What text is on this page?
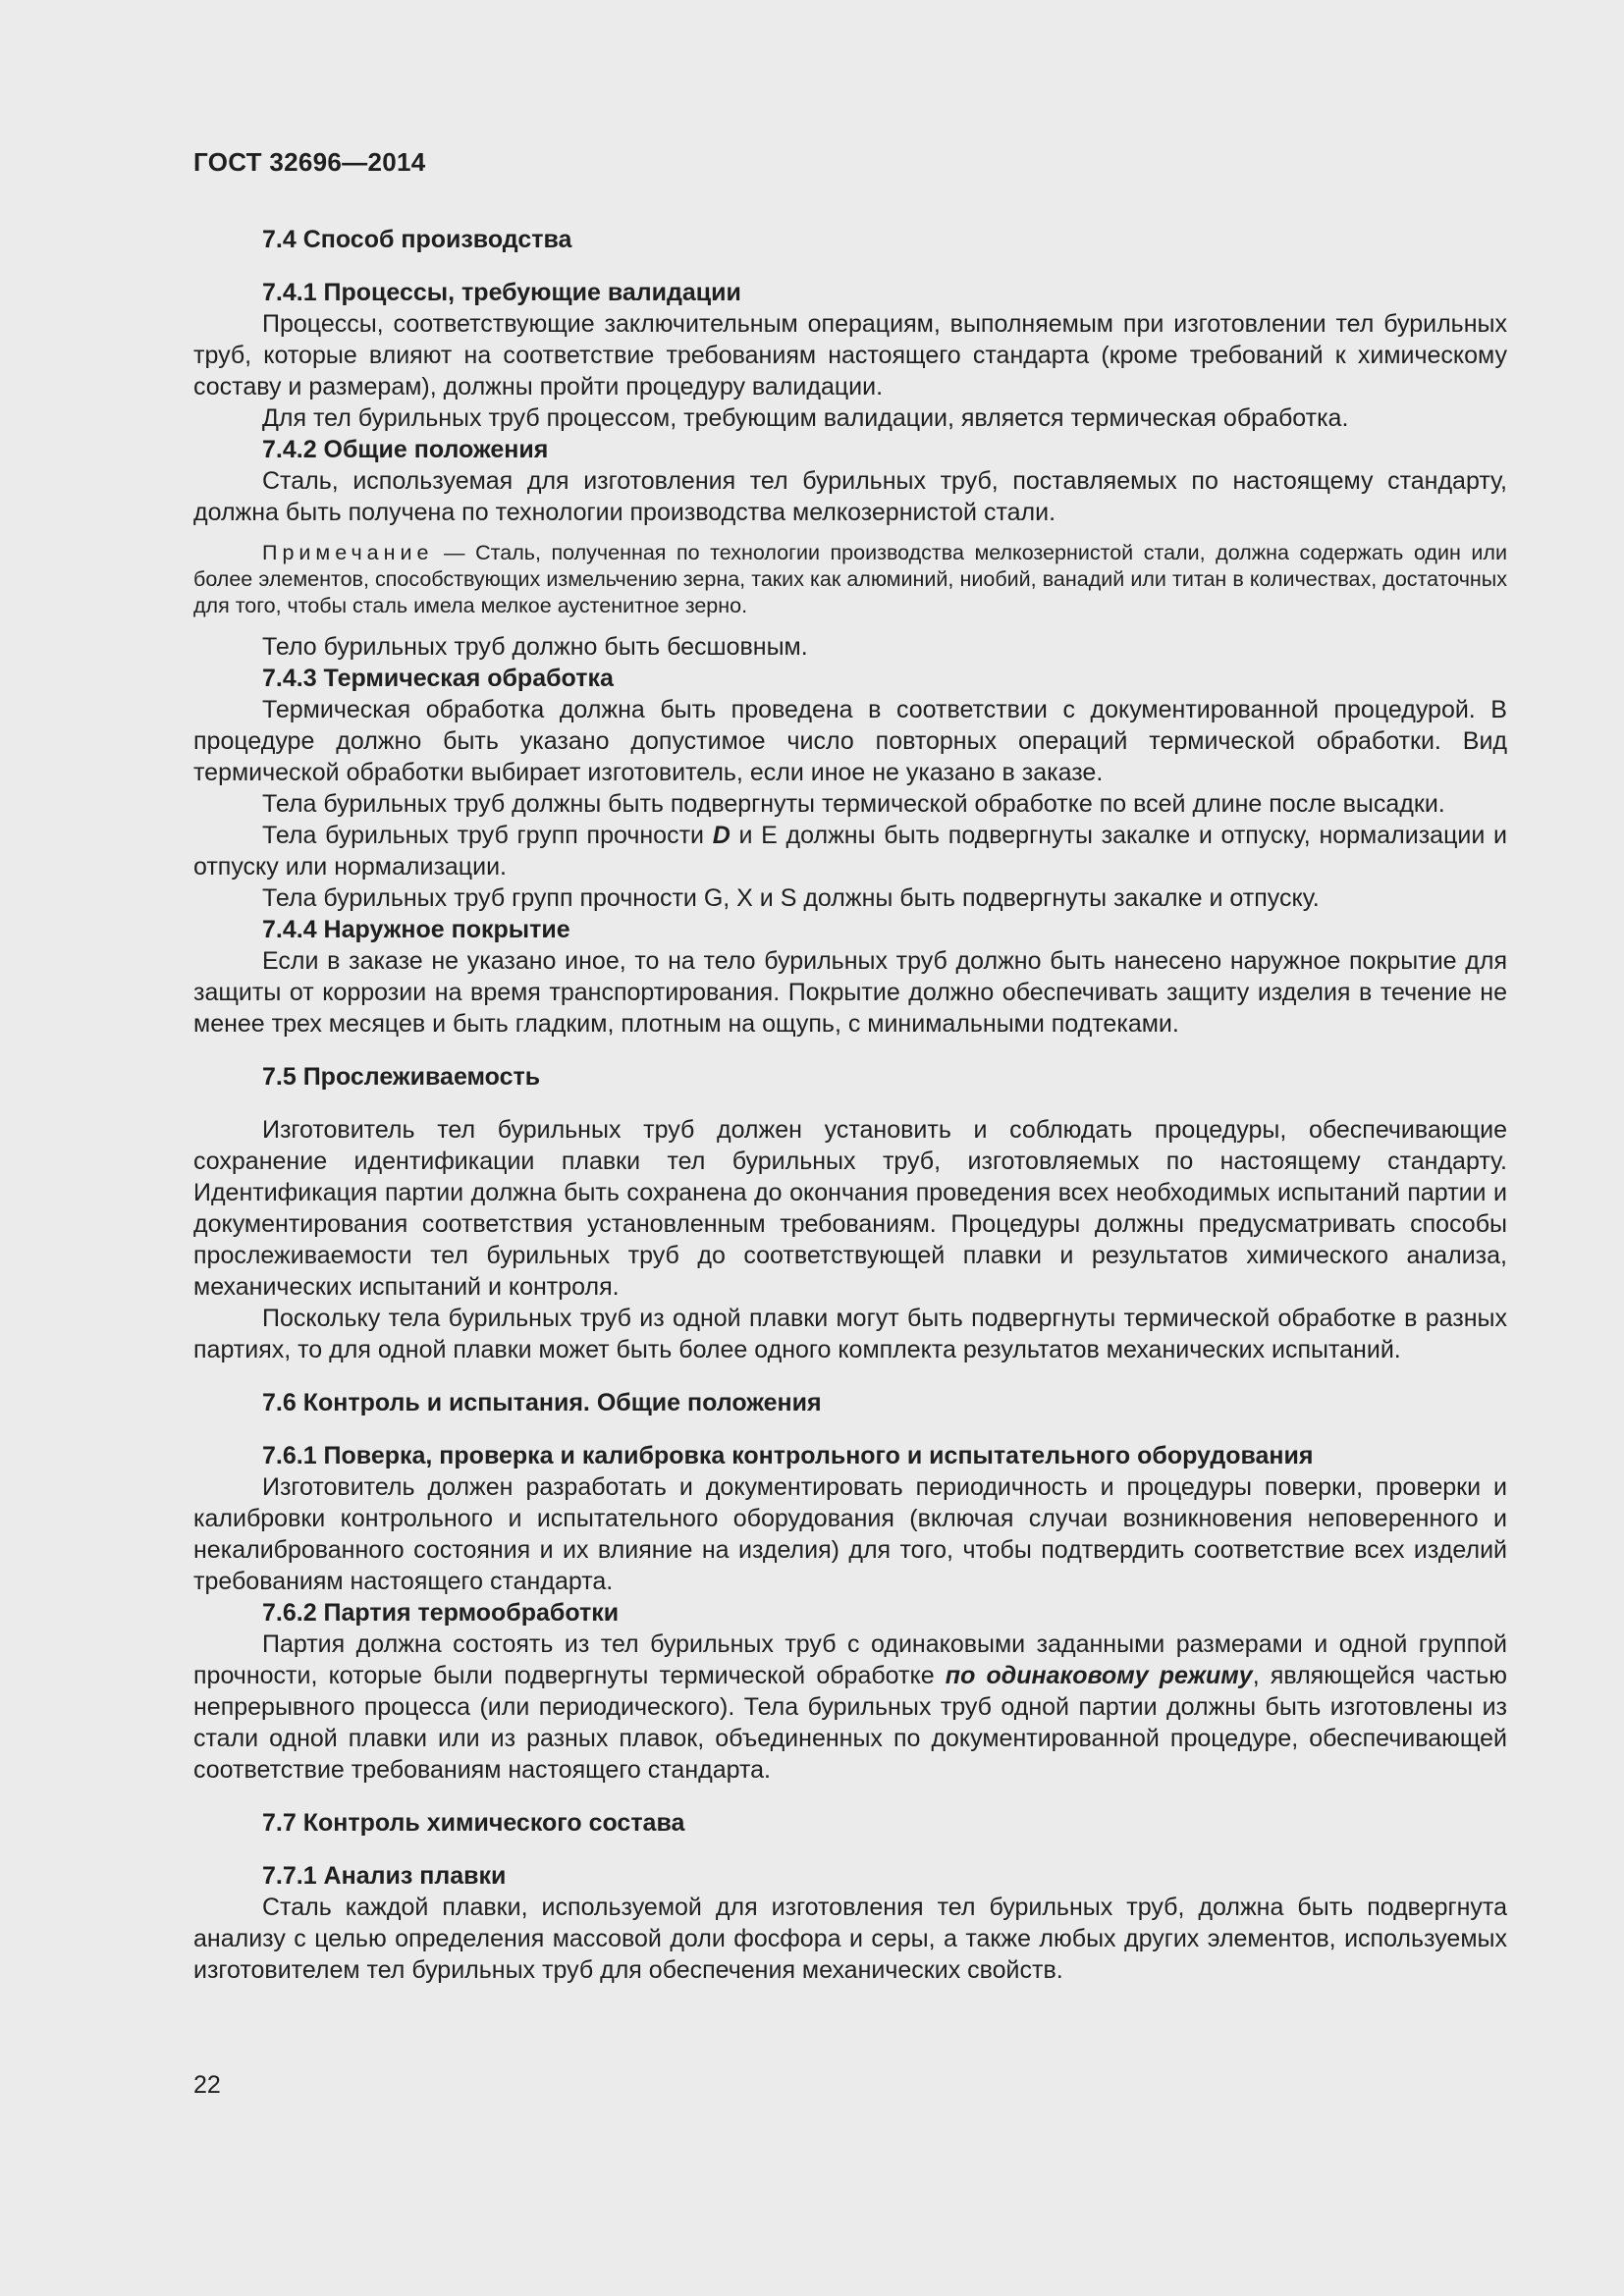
ГОСТ 32696—2014

7.4 Способ производства

7.4.1 Процессы, требующие валидации

Процессы, соответствующие заключительным операциям, выполняемым при изготовлении тел бурильных труб, которые влияют на соответствие требованиям настоящего стандарта (кроме требований к химическому составу и размерам), должны пройти процедуру валидации.

Для тел бурильных труб процессом, требующим валидации, является термическая обработка.

7.4.2 Общие положения

Сталь, используемая для изготовления тел бурильных труб, поставляемых по настоящему стандарту, должна быть получена по технологии производства мелкозернистой стали.

Примечание — Сталь, полученная по технологии производства мелкозернистой стали, должна содержать один или более элементов, способствующих измельчению зерна, таких как алюминий, ниобий, ванадий или титан в количествах, достаточных для того, чтобы сталь имела мелкое аустенитное зерно.

Тело бурильных труб должно быть бесшовным.

7.4.3 Термическая обработка

Термическая обработка должна быть проведена в соответствии с документированной процедурой. В процедуре должно быть указано допустимое число повторных операций термической обработки. Вид термической обработки выбирает изготовитель, если иное не указано в заказе.

Тела бурильных труб должны быть подвергнуты термической обработке по всей длине после высадки.

Тела бурильных труб групп прочности D и Е должны быть подвергнуты закалке и отпуску, нормализации и отпуску или нормализации.

Тела бурильных труб групп прочности G, X и S должны быть подвергнуты закалке и отпуску.

7.4.4 Наружное покрытие

Если в заказе не указано иное, то на тело бурильных труб должно быть нанесено наружное покрытие для защиты от коррозии на время транспортирования. Покрытие должно обеспечивать защиту изделия в течение не менее трех месяцев и быть гладким, плотным на ощупь, с минимальными подтеками.

7.5 Прослеживаемость

Изготовитель тел бурильных труб должен установить и соблюдать процедуры, обеспечивающие сохранение идентификации плавки тел бурильных труб, изготовляемых по настоящему стандарту. Идентификация партии должна быть сохранена до окончания проведения всех необходимых испытаний партии и документирования соответствия установленным требованиям. Процедуры должны предусматривать способы прослеживаемости тел бурильных труб до соответствующей плавки и результатов химического анализа, механических испытаний и контроля.

Поскольку тела бурильных труб из одной плавки могут быть подвергнуты термической обработке в разных партиях, то для одной плавки может быть более одного комплекта результатов механических испытаний.

7.6 Контроль и испытания. Общие положения

7.6.1 Поверка, проверка и калибровка контрольного и испытательного оборудования

Изготовитель должен разработать и документировать периодичность и процедуры поверки, проверки и калибровки контрольного и испытательного оборудования (включая случаи возникновения неповеренного и некалиброванного состояния и их влияние на изделия) для того, чтобы подтвердить соответствие всех изделий требованиям настоящего стандарта.

7.6.2 Партия термообработки

Партия должна состоять из тел бурильных труб с одинаковыми заданными размерами и одной группой прочности, которые были подвергнуты термической обработке по одинаковому режиму, являющейся частью непрерывного процесса (или периодического). Тела бурильных труб одной партии должны быть изготовлены из стали одной плавки или из разных плавок, объединенных по документированной процедуре, обеспечивающей соответствие требованиям настоящего стандарта.

7.7 Контроль химического состава

7.7.1 Анализ плавки

Сталь каждой плавки, используемой для изготовления тел бурильных труб, должна быть подвергнута анализу с целью определения массовой доли фосфора и серы, а также любых других элементов, используемых изготовителем тел бурильных труб для обеспечения механических свойств.

22
